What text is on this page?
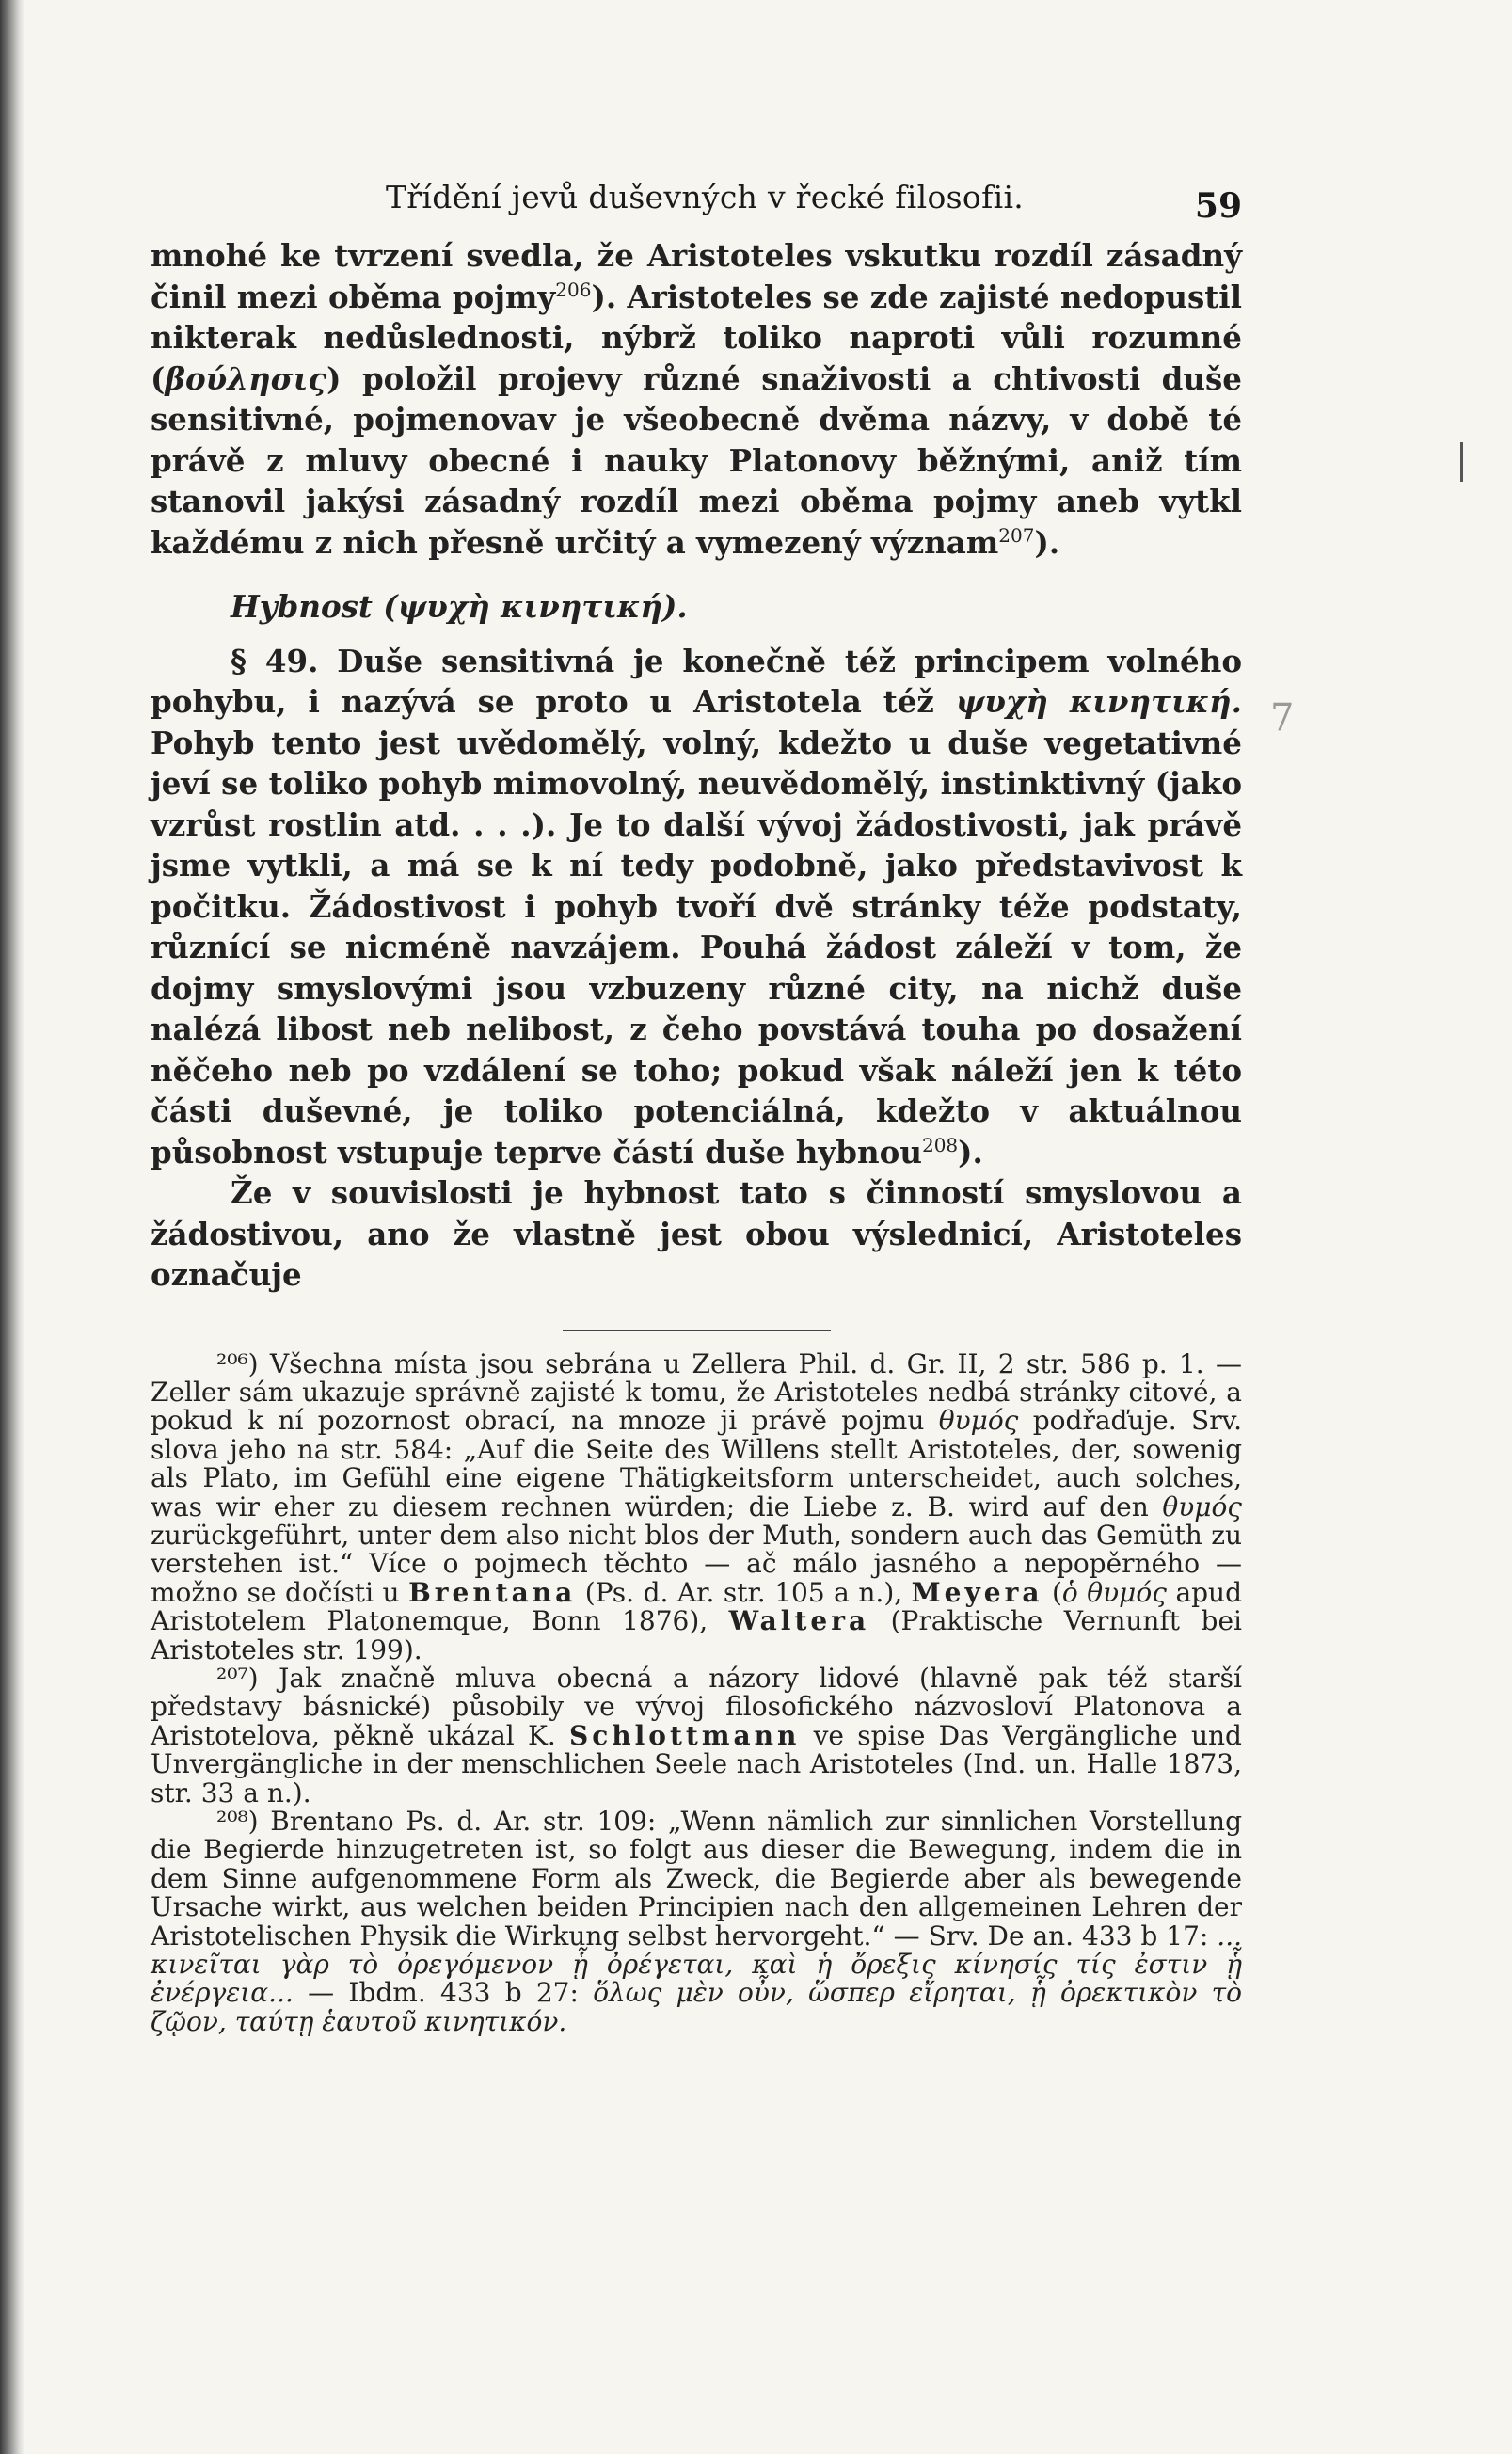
7
Třídění jevů duševných v řecké filosofii.	59

mnohé ke tvrzení svedla, že Aristoteles vskutku rozdíl zásadný činil mezi oběma pojmy$^{206}$). Aristoteles se zde zajisté nedopustil nikterak nedůslednosti, nýbrž toliko naproti vůli rozumné (βούλησις) položil projevy různé snaživosti a chtivosti duše sensitivné, pojmenovav je všeobecně dvěma názvy, v době té právě z mluvy obecné i nauky Platonovy běžnými, aniž tím stanovil jakýsi zásadný rozdíl mezi oběma pojmy aneb vytkl každému z nich přesně určitý a vymezený význam$^{207}$).

Hybnost (ψυχὴ κινητική).

§ 49. Duše sensitivná je konečně též principem volného pohybu, i nazývá se proto u Aristotela též ψυχὴ κινητική. Pohyb tento jest uvědomělý, volný, kdežto u duše vegetativné jeví se toliko pohyb mimovolný, neuvědomělý, instinktivný (jako vzrůst rostlin atd. . . .). Je to další vývoj žádostivosti, jak právě jsme vytkli, a má se k ní tedy podobně, jako představivost k počitku. Žádostivost i pohyb tvoří dvě stránky téže podstaty, různící se nicméně navzájem. Pouhá žádost záleží v tom, že dojmy smyslovými jsou vzbuzeny různé city, na nichž duše nalézá libost neb nelibost, z čeho povstává touha po dosažení něčeho neb po vzdálení se toho; pokud však náleží jen k této části duševné, je toliko potenciálná, kdežto v aktuálnou působnost vstupuje teprve částí duše hybnou$^{208}$).

Že v souvislosti je hybnost tato s činností smyslovou a žádostivou, ano že vlastně jest obou výslednicí, Aristoteles označuje

²⁰⁶) Všechna místa jsou sebrána u Zellera Phil. d. Gr. II, 2 str. 586 p. 1. — Zeller sám ukazuje správně zajisté k tomu, že Aristoteles nedbá stránky citové, a pokud k ní pozornost obrací, na mnoze ji právě pojmu θυμός podřaďuje. Srv. slova jeho na str. 584: „Auf die Seite des Willens stellt Aristoteles, der, sowenig als Plato, im Gefühl eine eigene Thätigkeitsform unterscheidet, auch solches, was wir eher zu diesem rechnen würden; die Liebe z. B. wird auf den θυμός zurückgeführt, unter dem also nicht blos der Muth, sondern auch das Gemüth zu verstehen ist.“ Více o pojmech těchto — ač málo jasného a nepopěrného — možno se dočísti u Brentana (Ps. d. Ar. str. 105 a n.), Meyera (ὁ θυμός apud Aristotelem Platonemque, Bonn 1876), Waltera (Praktische Vernunft bei Aristoteles str. 199).

²⁰⁷) Jak značně mluva obecná a názory lidové (hlavně pak též starší představy básnické) působily ve vývoj filosofického názvosloví Platonova a Aristotelova, pěkně ukázal K. Schlottmann ve spise Das Vergängliche und Unvergängliche in der menschlichen Seele nach Aristoteles (Ind. un. Halle 1873, str. 33 a n.).

²⁰⁸) Brentano Ps. d. Ar. str. 109: „Wenn nämlich zur sinnlichen Vorstellung die Begierde hinzugetreten ist, so folgt aus dieser die Bewegung, indem die in dem Sinne aufgenommene Form als Zweck, die Begierde aber als bewegende Ursache wirkt, aus welchen beiden Principien nach den allgemeinen Lehren der Aristotelischen Physik die Wirkung selbst hervorgeht.“ — Srv. De an. 433 b 17: ... κινεῖται γὰρ τὸ ὀρεγόμενον ᾗ ὀρέγεται, καὶ ἡ ὄρεξις κίνησίς τίς ἐστιν ᾗ ἐνέργεια... — Ibdm. 433 b 27: ὅλως μὲν οὖν, ὥσπερ εἴρηται, ᾗ ὀρεκτικὸν τὸ ζῷον, ταύτῃ ἑαυτοῦ κινητικόν.
